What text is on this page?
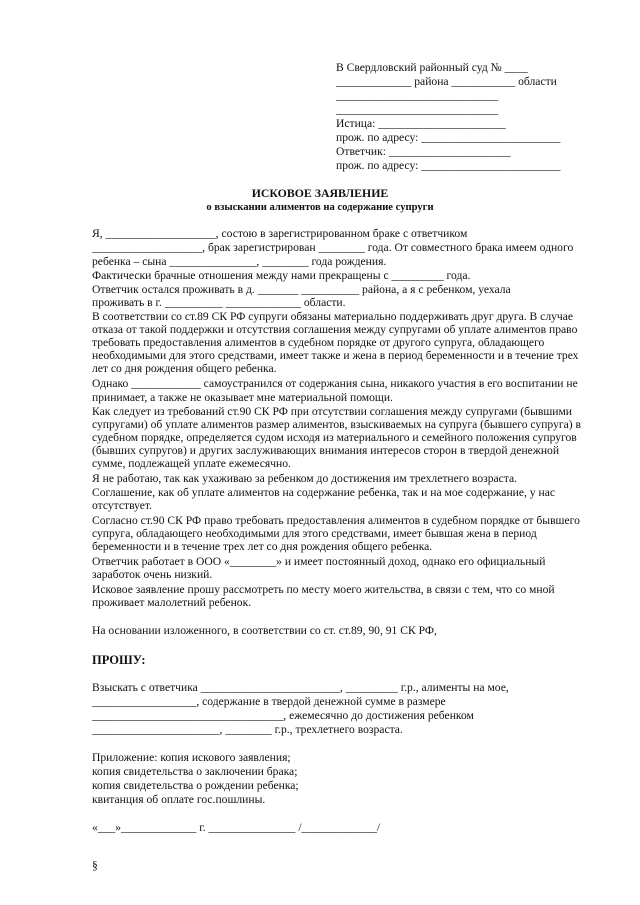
В Свердловский районный суд № ____
_____________ района ___________ области
____________________________
____________________________
Истица: ______________________
прож. по адресу: ________________________
Ответчик: _____________________
прож. по адресу: ________________________
ИСКОВОЕ ЗАЯВЛЕНИЕ
о взыскании алиментов на содержание супруги
Я, ___________________, состою в зарегистрированном браке с ответчиком
___________________, брак зарегистрирован ________ года. От совместного брака имеем одного
ребенка – сына _______________, ________ года рождения.
Фактически брачные отношения между нами прекращены с _________ года.
Ответчик остался проживать в д. _______ __________ района, а я с ребенком, уехала
проживать в г. __________ _____________ области.
В соответствии со ст.89 СК РФ супруги обязаны материально поддерживать друг друга. В случае
отказа от такой поддержки и отсутствия соглашения между супругами об уплате алиментов право
требовать предоставления алиментов в судебном порядке от другого супруга, обладающего
необходимыми для этого средствами, имеет также и жена в период беременности и в течение трех
лет со дня рождения общего ребенка.
Однако ____________ самоустранился от содержания сына, никакого участия в его воспитании не
принимает, а также не оказывает мне материальной помощи.
Как следует из требований ст.90 СК РФ при отсутствии соглашения между супругами (бывшими
супругами) об уплате алиментов размер алиментов, взыскиваемых на супруга (бывшего супруга) в
судебном порядке, определяется судом исходя из материального и семейного положения супругов
(бывших супругов) и других заслуживающих внимания интересов сторон в твердой денежной
сумме, подлежащей уплате ежемесячно.
Я не работаю, так как ухаживаю за ребенком до достижения им трехлетнего возраста.
Соглашение, как об уплате алиментов на содержание ребенка, так и на мое содержание, у нас
отсутствует.
Согласно ст.90 СК РФ право требовать предоставления алиментов в судебном порядке от бывшего
супруга, обладающего необходимыми для этого средствами, имеет бывшая жена в период
беременности и в течение трех лет со дня рождения общего ребенка.
Ответчик работает в ООО «________» и имеет постоянный доход, однако его официальный
заработок очень низкий.
Исковое заявление прошу рассмотреть по месту моего жительства, в связи с тем, что со мной
проживает малолетний ребенок.
На основании изложенного, в соответствии со ст. ст.89, 90, 91 СК РФ,
ПРОШУ:
Взыскать с ответчика ________________________, _________ г.р., алименты на мое,
__________________, содержание в твердой денежной сумме в размере
_________________________________, ежемесячно до достижения ребенком
______________________, ________ г.р., трехлетнего возраста.
Приложение: копия искового заявления;
копия свидетельства о заключении брака;
копия свидетельства о рождении ребенка;
квитанция об оплате гос.пошлины.
«___»_____________ г. _______________ /_____________/
§
